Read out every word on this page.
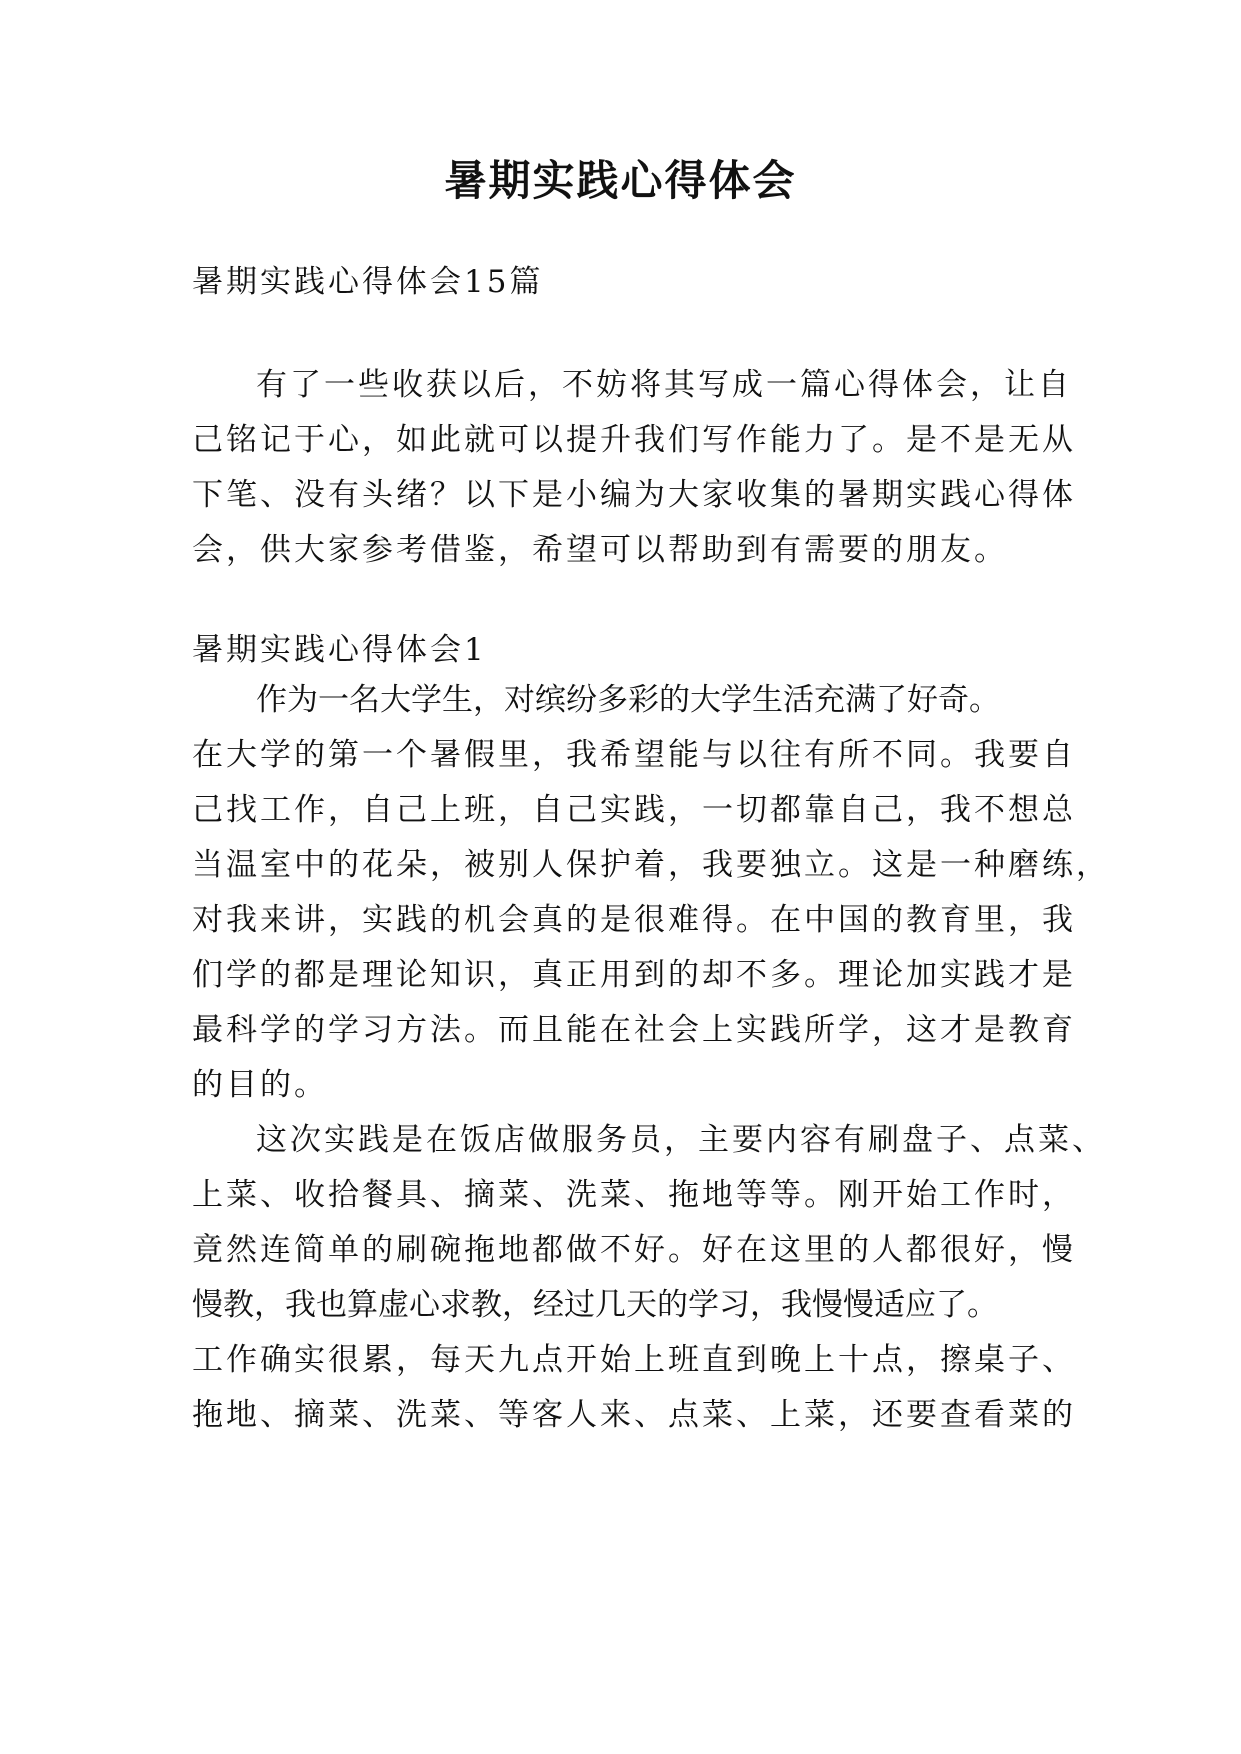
暑期实践心得体会

暑期实践心得体会15篇

有了一些收获以后，不妨将其写成一篇心得体会，让自

己铭记于心，如此就可以提升我们写作能力了。是不是无从

下笔、没有头绪？以下是小编为大家收集的暑期实践心得体

会，供大家参考借鉴，希望可以帮助到有需要的朋友。

暑期实践心得体会1

作为一名大学生，对缤纷多彩的大学生活充满了好奇。

在大学的第一个暑假里，我希望能与以往有所不同。我要自

己找工作，自己上班，自己实践，一切都靠自己，我不想总

当温室中的花朵，被别人保护着，我要独立。这是一种磨练，

对我来讲，实践的机会真的是很难得。在中国的教育里，我

们学的都是理论知识，真正用到的却不多。理论加实践才是

最科学的学习方法。而且能在社会上实践所学，这才是教育

的目的。

这次实践是在饭店做服务员，主要内容有刷盘子、点菜、

上菜、收拾餐具、摘菜、洗菜、拖地等等。刚开始工作时，

竟然连简单的刷碗拖地都做不好。好在这里的人都很好，慢

慢教，我也算虚心求教，经过几天的学习，我慢慢适应了。

工作确实很累，每天九点开始上班直到晚上十点，擦桌子、

拖地、摘菜、洗菜、等客人来、点菜、上菜，还要查看菜的
